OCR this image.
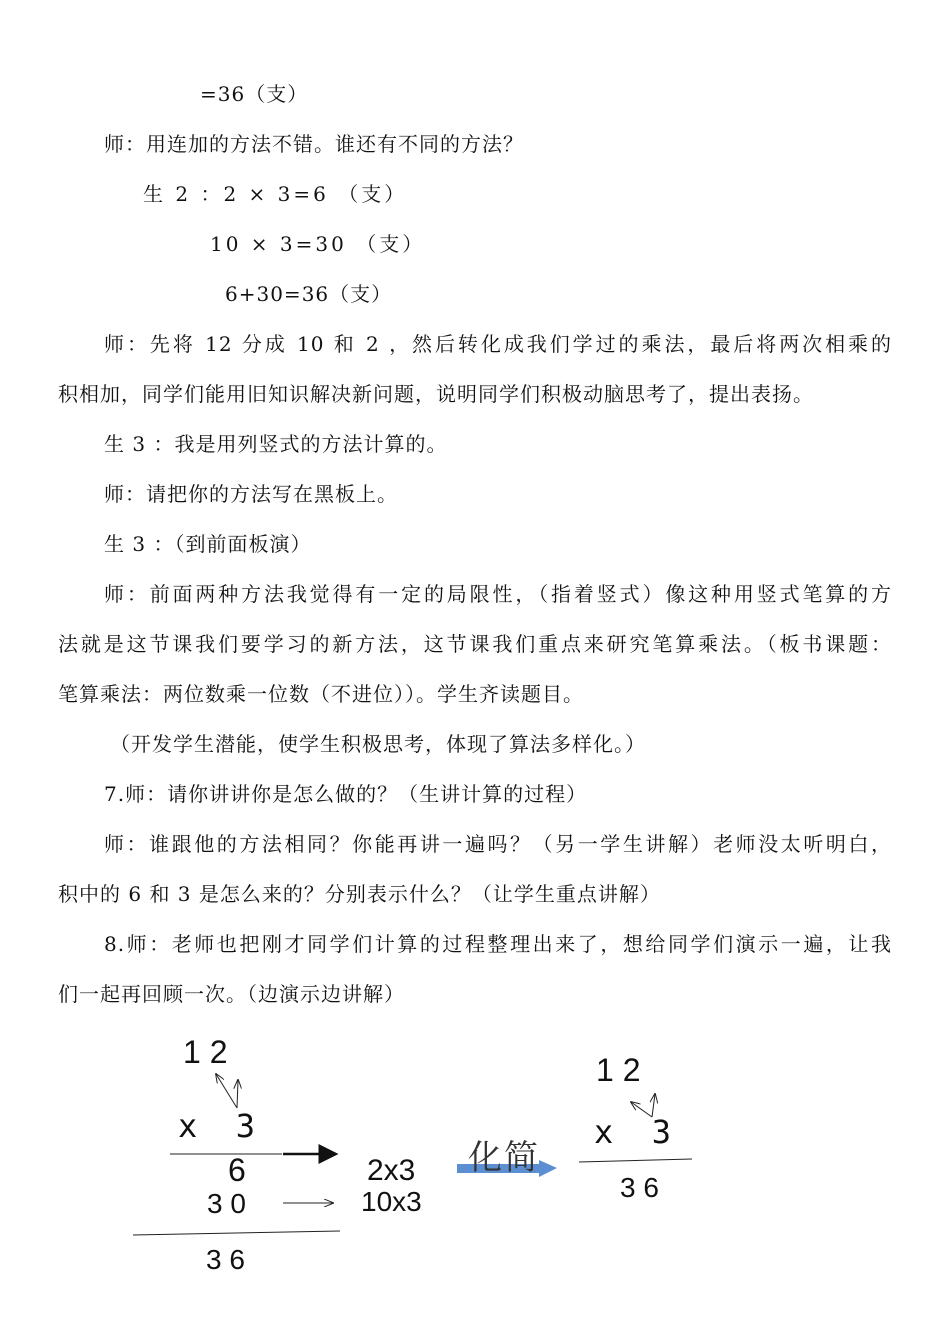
=36（支）
师：用连加的方法不错。谁还有不同的方法？
生 2 ：2 × 3=6 （支）
10 × 3=30 （支）
6+30=36（支）
师：先将 12 分成 10 和 2 ，然后转化成我们学过的乘法，最后将两次相乘的
积相加，同学们能用旧知识解决新问题，说明同学们积极动脑思考了，提出表扬。
生 3 ：我是用列竖式的方法计算的。
师：请把你的方法写在黑板上。
生 3 ：（到前面板演）
师：前面两种方法我觉得有一定的局限性，（指着竖式）像这种用竖式笔算的方
法就是这节课我们要学习的新方法，这节课我们重点来研究笔算乘法。（板书课题：
笔算乘法：两位数乘一位数（不进位））。学生齐读题目。
（开发学生潜能，使学生积极思考，体现了算法多样化。）
7.师：请你讲讲你是怎么做的？（生讲计算的过程）
师：谁跟他的方法相同？你能再讲一遍吗？（另一学生讲解）老师没太听明白，
积中的 6 和 3 是怎么来的？分别表示什么？（让学生重点讲解）
8.师：老师也把刚才同学们计算的过程整理出来了，想给同学们演示一遍，让我
们一起再回顾一次。（边演示边讲解）
1 2
x  3
6	2x3
3 0	10x3
3 6
化简
1 2
x  3
3 6
